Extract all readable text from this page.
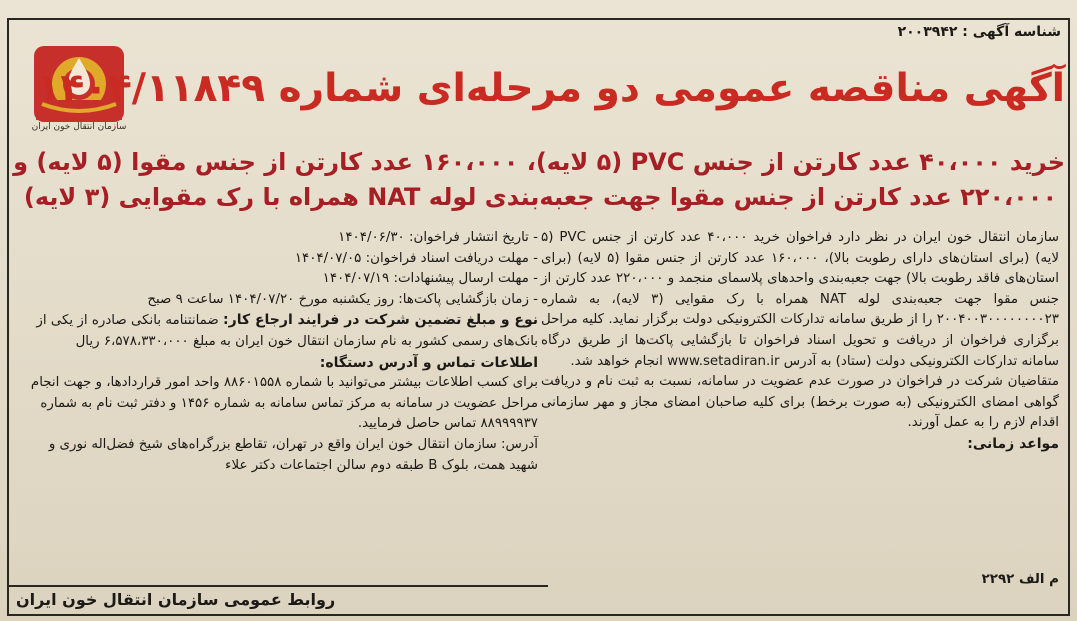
شناسه آگهی : ۲۰۰۳۹۴۲
سازمان انتقال خون ایران
آگهی مناقصه عمومی دو مرحله‌ای شماره ۱۴۰۴/۱۱۸۴۹
خرید ۴۰،۰۰۰ عدد کارتن از جنس PVC (۵ لایه)، ۱۶۰،۰۰۰ عدد کارتن از جنس مقوا (۵ لایه) و
۲۲۰،۰۰۰ عدد کارتن از جنس مقوا جهت جعبه‌بندی لوله NAT همراه با رک مقوایی (۳ لایه)

سازمان انتقال خون ایران در نظر دارد فراخوان خرید ۴۰،۰۰۰ عدد کارتن از جنس PVC (۵ لایه) (برای استان‌های دارای رطوبت بالا)، ۱۶۰،۰۰۰ عدد کارتن از جنس مقوا (۵ لایه) (برای استان‌های فاقد رطوبت بالا) جهت جعبه‌بندی واحدهای پلاسمای منجمد و ۲۲۰،۰۰۰ عدد کارتن از جنس مقوا جهت جعبه‌بندی لوله NAT همراه با رک مقوایی (۳ لایه)، به شماره ۲۰۰۴۰۰۳۰۰۰۰۰۰۰۰۲۳ را از طریق سامانه تدارکات الکترونیکی دولت برگزار نماید. کلیه مراحل برگزاری فراخوان از دریافت و تحویل اسناد فراخوان تا بازگشایی پاکت‌ها از طریق درگاه سامانه تدارکات الکترونیکی دولت (ستاد) به آدرس www.setadiran.ir انجام خواهد شد.

متقاضیان شرکت در فراخوان در صورت عدم عضویت در سامانه، نسبت به ثبت نام و دریافت گواهی امضای الکترونیکی (به صورت برخط) برای کلیه صاحبان امضای مجاز و مهر سازمانی اقدام لازم را به عمل آورند.

مواعد زمانی:

م الف ۲۲۹۲

- تاریخ انتشار فراخوان: ۱۴۰۴/۰۶/۳۰

- مهلت دریافت اسناد فراخوان: ۱۴۰۴/۰۷/۰۵

- مهلت ارسال پیشنهادات: ۱۴۰۴/۰۷/۱۹

- زمان بازگشایی پاکت‌ها: روز یکشنبه مورخ ۱۴۰۴/۰۷/۲۰ ساعت ۹ صبح

نوع و مبلغ تضمین شرکت در فرایند ارجاع کار: ضمانتنامه بانکی صادره از یکی از بانک‌های رسمی کشور به نام سازمان انتقال خون ایران به مبلغ ۶،۵۷۸،۳۳۰،۰۰۰ ریال

اطلاعات تماس و آدرس دستگاه:

برای کسب اطلاعات بیشتر می‌توانید با شماره ۸۸۶۰۱۵۵۸ واحد امور قراردادها، و جهت انجام مراحل عضویت در سامانه به مرکز تماس سامانه به شماره ۱۴۵۶ و دفتر ثبت نام به شماره ۸۸۹۹۹۹۳۷ تماس حاصل فرمایید.

آدرس: سازمان انتقال خون ایران واقع در تهران، تقاطع بزرگراه‌های شیخ فضل‌اله نوری و شهید همت، بلوک B طبقه دوم سالن اجتماعات دکتر علاء

روابط عمومی سازمان انتقال خون ایران
